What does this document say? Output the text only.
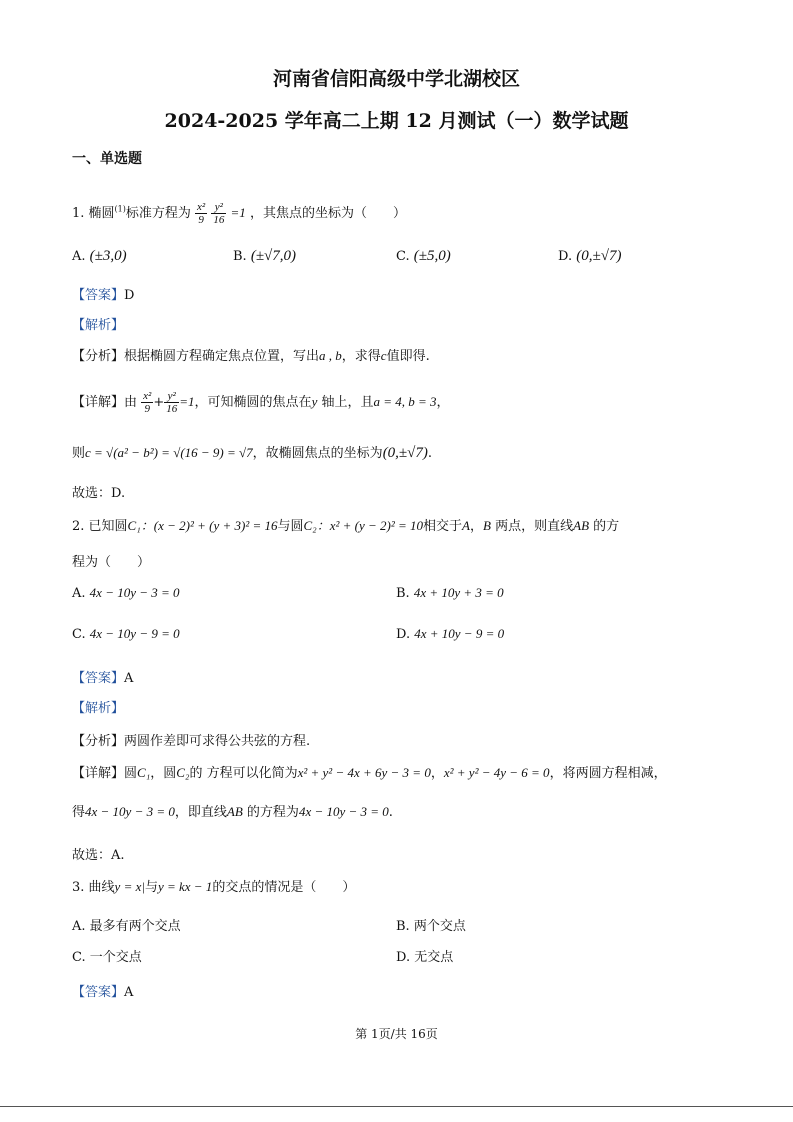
河南省信阳高级中学北湖校区
2024-2025 学年高二上期 12 月测试（一）数学试题
一、单选题
1. 椭圆$^{(1)}$标准方程为 $\frac{\text{x²}}{9}$
$\frac{\text{y²}}{16} =1$ ，其焦点的坐标为（　　）
A. (±3,0)	B. (±√7,0)	C. (±5,0)	D. (0,±√7)
【答案】D
【解析】
【分析】根据椭圆方程确定焦点位置，写出a , b，求得c值即得.
【详解】由 $\frac{\text{x²}}{9} + \frac{\text{y²}}{16} =1$，可知椭圆的焦点在y 轴上，且a = 4, b = 3，
则c = √(a² − b²) = √(16 − 9) = √7，故椭圆焦点的坐标为(0,±√7).
故选：D.
2. 已知圆C₁：(x − 2)² + (y + 3)² = 16与圆C₂：x² + (y − 2)² = 10相交于A，B 两点，则直线AB 的方
程为（　　）
A. 4x − 10y − 3 = 0	B. 4x + 10y + 3 = 0
C. 4x − 10y − 9 = 0	D. 4x + 10y − 9 = 0
【答案】A
【解析】
【分析】两圆作差即可求得公共弦的方程.
【详解】圆C₁，圆C₂的 方程可以化简为x² + y² − 4x + 6y − 3 = 0，x² + y² − 4y − 6 = 0，将两圆方程相减，
得4x − 10y − 3 = 0，即直线AB 的方程为4x − 10y − 3 = 0.
故选：A.
3. 曲线y = x|与y = kx − 1的交点的情况是（　　）
A. 最多有两个交点	B. 两个交点
C. 一个交点	D. 无交点
【答案】A
第 1页/共 16页
